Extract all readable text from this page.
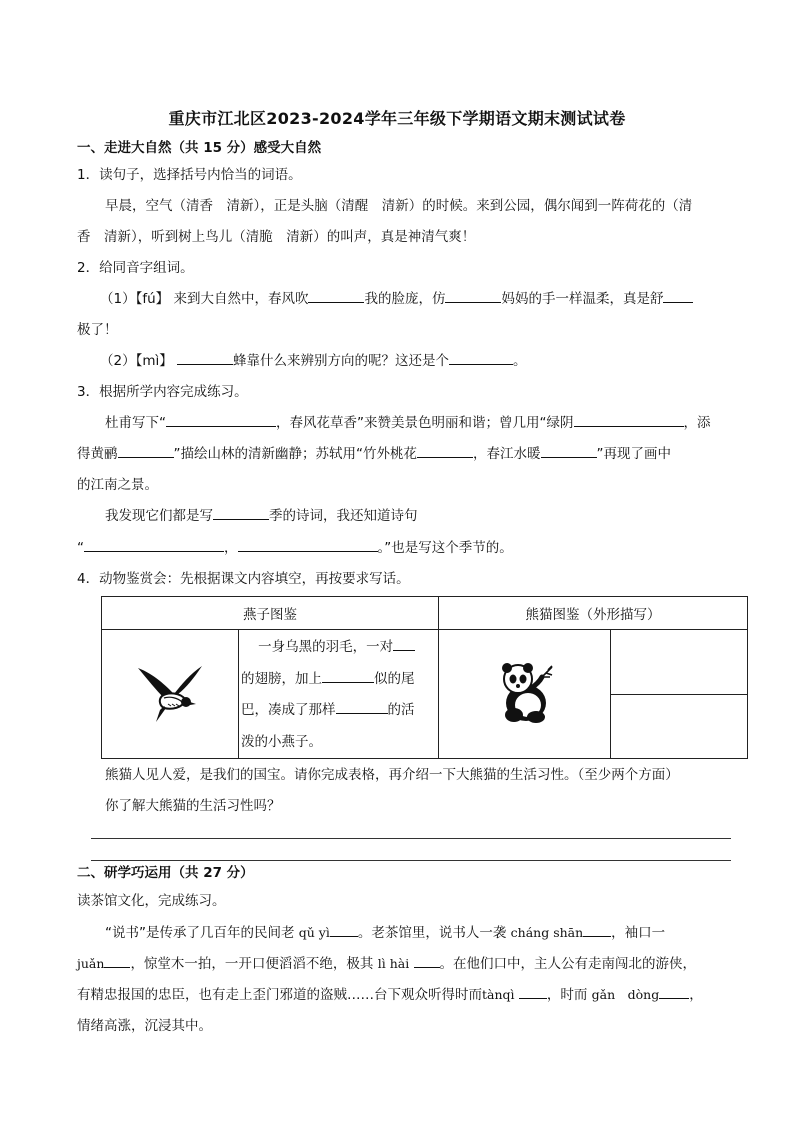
重庆市江北区2023-2024学年三年级下学期语文期末测试试卷
一、走进大自然（共 15 分）感受大自然
1．读句子，选择括号内恰当的词语。
早晨，空气（清香　清新），正是头脑（清醒　清新）的时候。来到公园，偶尔闻到一阵荷花的（清
香　清新），听到树上鸟儿（清脆　清新）的叫声，真是神清气爽！
2．给同音字组词。
（1）【fú】 来到大自然中，春风吹	我的脸庞，仿	妈妈的手一样温柔，真是舒
极了！
（2）【mì】	蜂靠什么来辨别方向的呢？这还是个	。
3．根据所学内容完成练习。
杜甫写下“	，春风花草香”来赞美景色明丽和谐；曾几用“绿阴	，添
得黄鹂	”描绘山林的清新幽静；苏轼用“竹外桃花	，春江水暖	”再现了画中
的江南之景。
我发现它们都是写	季的诗词，我还知道诗句
“	，	。”也是写这个季节的。
4．动物鉴赏会：先根据课文内容填空，再按要求写话。
燕子图鉴		熊猫图鉴（外形描写）	

一身乌黑的羽毛，一对

的翅膀，加上 似的尾

巴，凑成了那样 的活

泼的小燕子。

熊猫人见人爱，是我们的国宝。请你完成表格，再介绍一下大熊猫的生活习性。（至少两个方面）
你了解大熊猫的生活习性吗？
二、研学巧运用（共 27 分）
读茶馆文化，完成练习。
“说书”是传承了几百年的民间老 qǔ yì 。老茶馆里，说书人一袭 cháng shān ，袖口一
juǎn ，惊堂木一拍，一开口便滔滔不绝，极其 lì hài 。在他们口中，主人公有走南闯北的游侠，
有精忠报国的忠臣，也有走上歪门邪道的盗贼……台下观众听得时而tànqì ，时而 gǎn　dòng ，
情绪高涨，沉浸其中。
